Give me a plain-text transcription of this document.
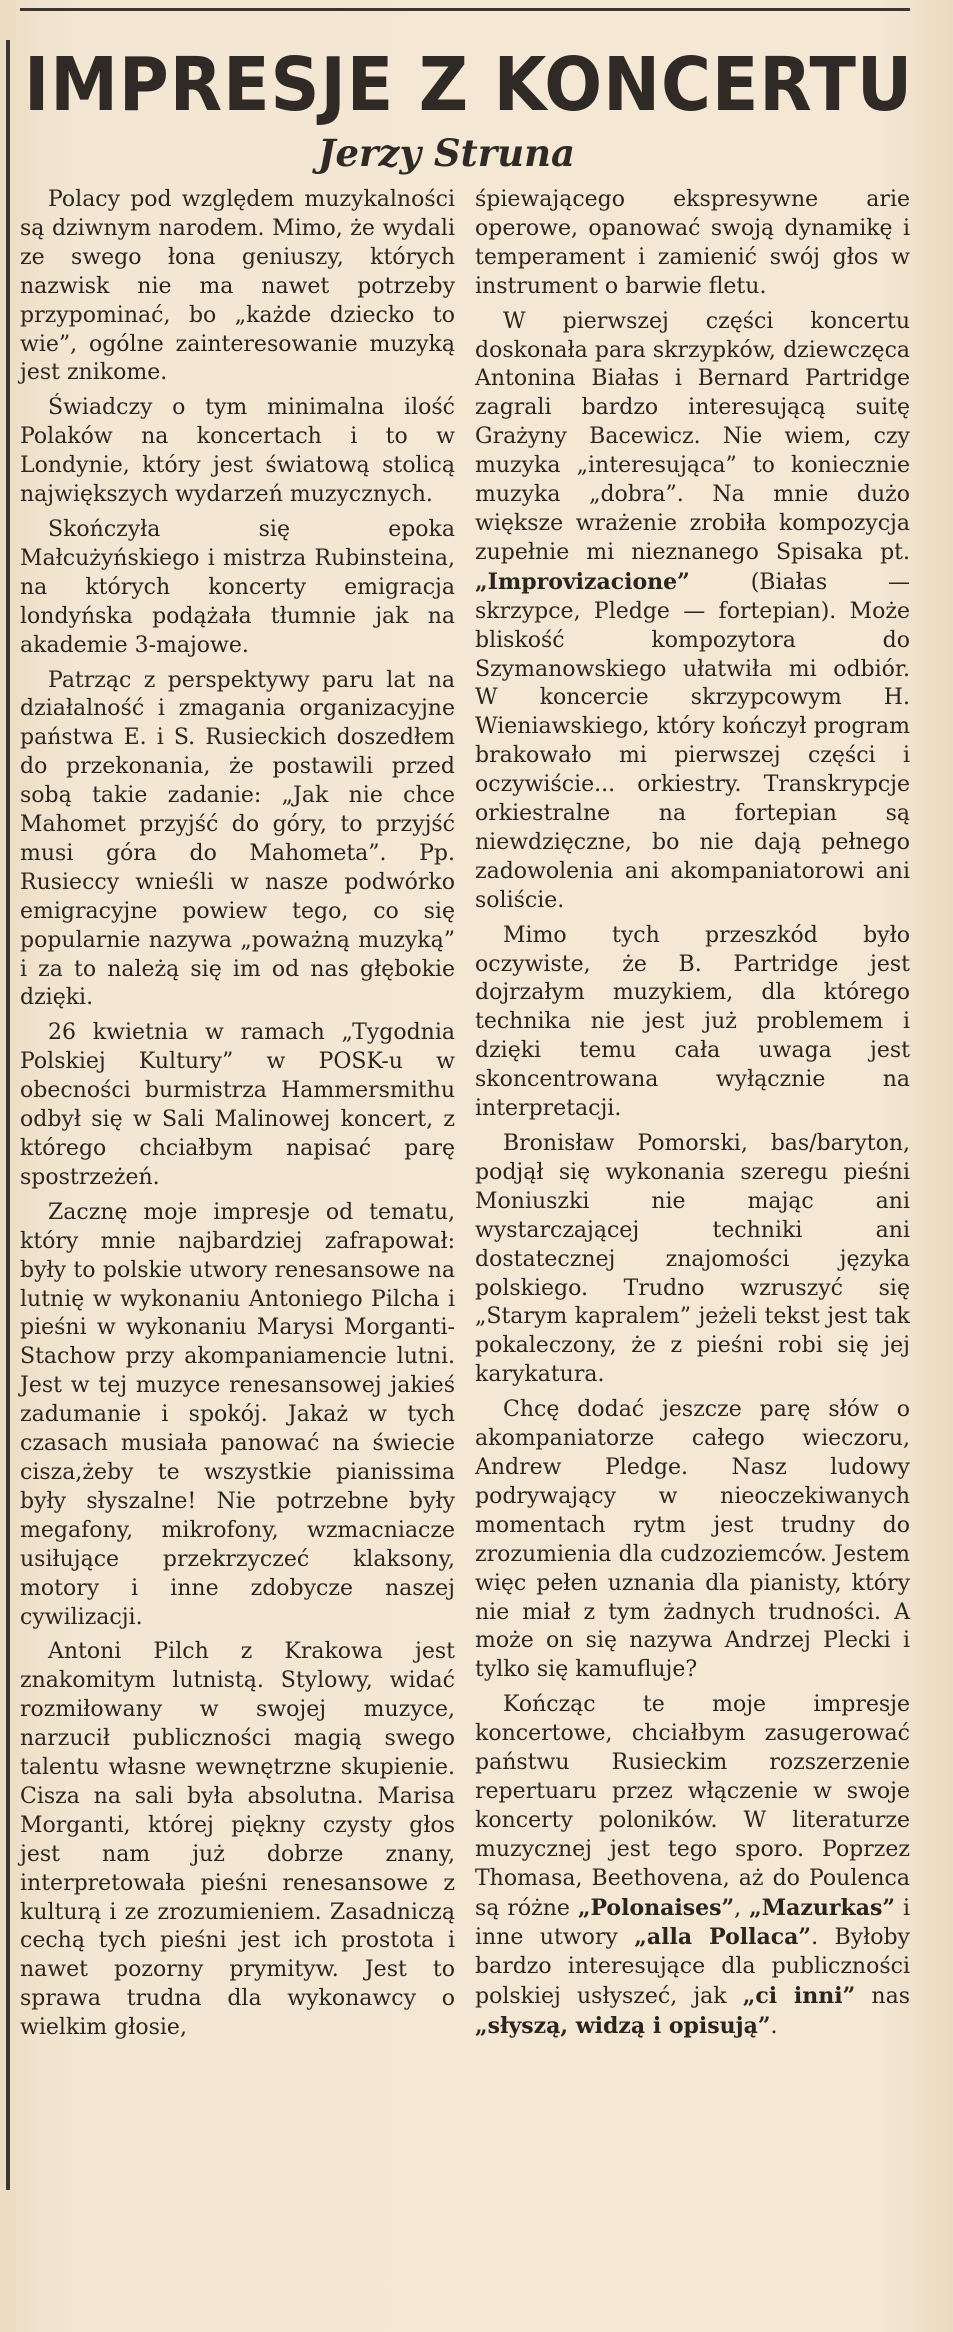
IMPRESJE Z KONCERTU
Jerzy Struna

Polacy pod względem muzykalności są dziwnym narodem. Mimo, że wydali ze swego łona geniuszy, których nazwisk nie ma nawet potrzeby przypominać, bo „każde dziecko to wie”, ogólne zainteresowanie muzyką jest znikome.

Świadczy o tym minimalna ilość Polaków na koncertach i to w Londynie, który jest światową stolicą największych wydarzeń muzycznych.

Skończyła się epoka Małcużyńskiego i mistrza Rubinsteina, na których koncerty emigracja londyńska podążała tłumnie jak na akademie 3-majowe.

Patrząc z perspektywy paru lat na działalność i zmagania organizacyjne państwa E. i S. Rusieckich doszedłem do przekonania, że postawili przed sobą takie zadanie: „Jak nie chce Mahomet przyjść do góry, to przyjść musi góra do Mahometa”. Pp. Rusieccy wnieśli w nasze podwórko emigracyjne powiew tego, co się popularnie nazywa „poważną muzyką” i za to należą się im od nas głębokie dzięki.

26 kwietnia w ramach „Tygodnia Polskiej Kultury” w POSK-u w obecności burmistrza Hammersmithu odbył się w Sali Malinowej koncert, z którego chciałbym napisać parę spostrzeżeń.

Zacznę moje impresje od tematu, który mnie najbardziej zafrapował: były to polskie utwory renesansowe na lutnię w wykonaniu Antoniego Pilcha i pieśni w wykonaniu Marysi Morganti-Stachow przy akompaniamencie lutni. Jest w tej muzyce renesansowej jakieś zadumanie i spokój. Jakaż w tych czasach musiała panować na świecie cisza,żeby te wszystkie pianissima były słyszalne! Nie potrzebne były megafony, mikrofony, wzmacniacze usiłujące przekrzyczeć klaksony, motory i inne zdobycze naszej cywilizacji.

Antoni Pilch z Krakowa jest znakomitym lutnistą. Stylowy, widać rozmiłowany w swojej muzyce, narzucił publiczności magią swego talentu własne wewnętrzne skupienie. Cisza na sali była absolutna. Marisa Morganti, której piękny czysty głos jest nam już dobrze znany, interpretowała pieśni renesansowe z kulturą i ze zrozumieniem. Zasadniczą cechą tych pieśni jest ich prostota i nawet pozorny prymityw. Jest to sprawa trudna dla wykonawcy o wielkim głosie,

śpiewającego ekspresywne arie operowe, opanować swoją dynamikę i temperament i zamienić swój głos w instrument o barwie fletu.

W pierwszej części koncertu doskonała para skrzypków, dziewczęca Antonina Białas i Bernard Partridge zagrali bardzo interesującą suitę Grażyny Bacewicz. Nie wiem, czy muzyka „interesująca” to koniecznie muzyka „dobra”. Na mnie dużo większe wrażenie zrobiła kompozycja zupełnie mi nieznanego Spisaka pt. „Improvizacione”	(Białas — skrzypce, Pledge — fortepian). Może bliskość kompozytora do Szymanowskiego ułatwiła mi odbiór. W koncercie skrzypcowym H. Wieniawskiego, który kończył program brakowało mi pierwszej części i oczywiście... orkiestry. Transkrypcje orkiestralne na fortepian są niewdzięczne, bo nie dają pełnego zadowolenia ani akompaniatorowi ani soliście.

Mimo tych przeszkód było oczywiste, że B. Partridge jest dojrzałym muzykiem, dla którego technika nie jest już problemem i dzięki temu cała uwaga jest skoncentrowana wyłącznie na interpretacji.

Bronisław Pomorski, bas/baryton, podjął się wykonania szeregu pieśni Moniuszki nie mając ani wystarczającej techniki ani dostatecznej znajomości języka polskiego. Trudno wzruszyć się „Starym kapralem” jeżeli tekst jest tak pokaleczony, że z pieśni robi się jej karykatura.

Chcę dodać jeszcze parę słów o akompaniatorze całego wieczoru, Andrew Pledge. Nasz ludowy podrywający w nieoczekiwanych momentach rytm jest trudny do zrozumienia dla cudzoziemców. Jestem więc pełen uznania dla pianisty, który nie miał z tym żadnych trudności. A może on się nazywa Andrzej Plecki i tylko się kamufluje?

Kończąc te moje impresje koncertowe, chciałbym zasugerować państwu Rusieckim rozszerzenie repertuaru przez włączenie w swoje koncerty poloników. W literaturze muzycznej jest tego sporo. Poprzez Thomasa, Beethovena, aż do Poulenca są różne „Polonaises”, „Mazurkas” i inne utwory „alla Pollaca”. Byłoby bardzo interesujące dla publiczności polskiej usłyszeć, jak „ci inni” nas „słyszą, widzą i opisują”.
